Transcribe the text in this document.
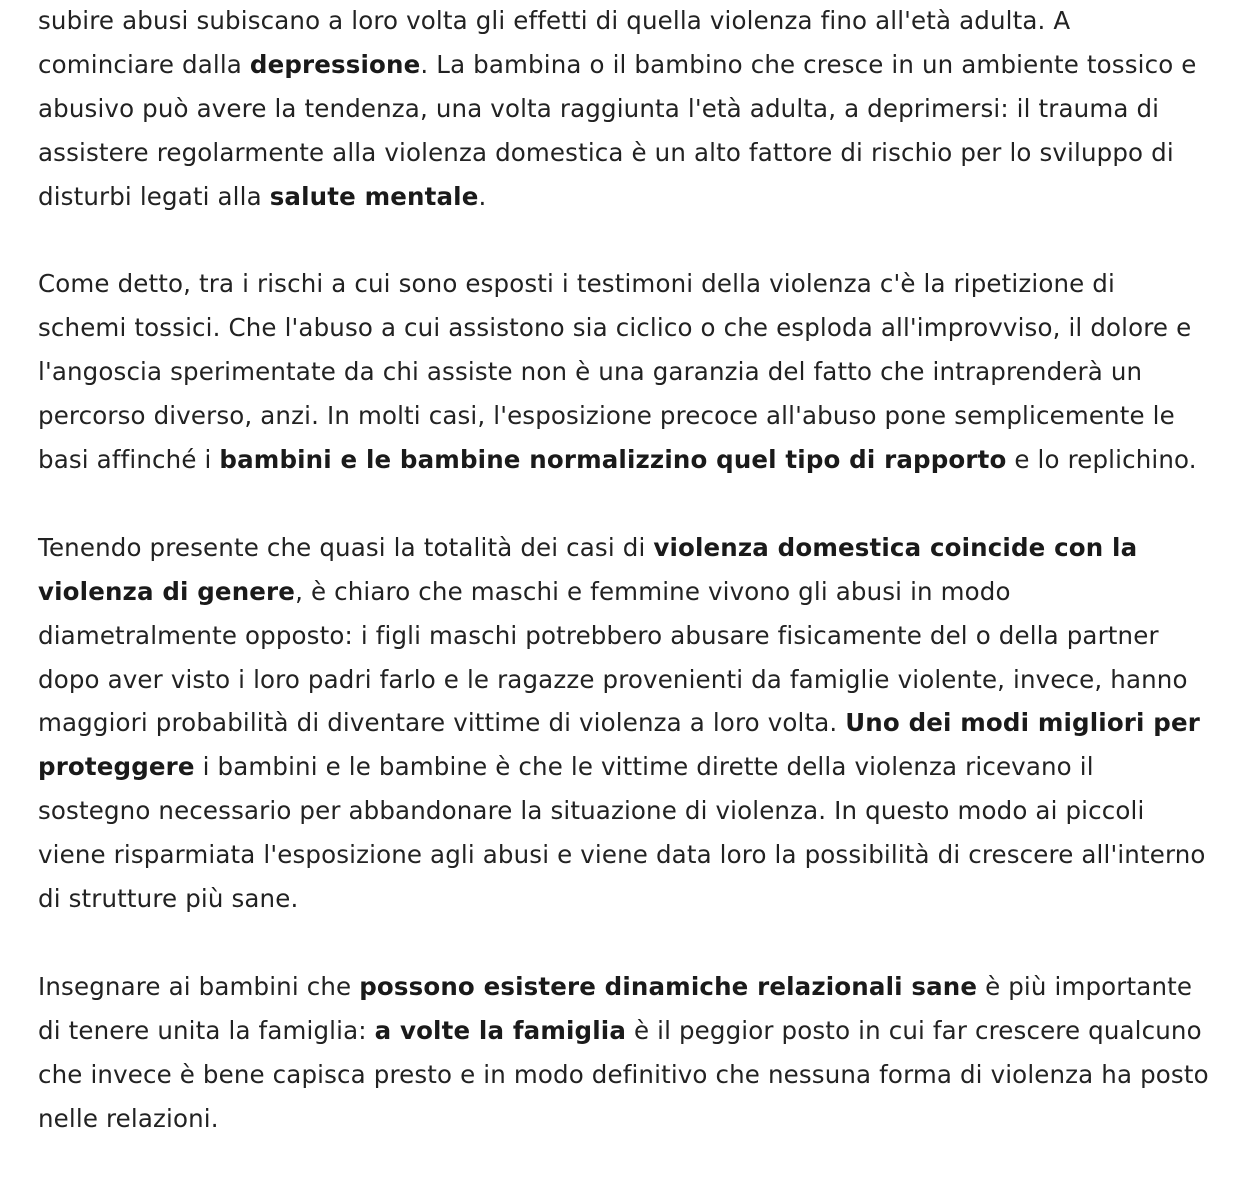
subire abusi subiscano a loro volta gli effetti di quella violenza fino all'età adulta. A cominciare dalla depressione. La bambina o il bambino che cresce in un ambiente tossico e abusivo può avere la tendenza, una volta raggiunta l'età adulta, a deprimersi: il trauma di assistere regolarmente alla violenza domestica è un alto fattore di rischio per lo sviluppo di disturbi legati alla salute mentale.

Come detto, tra i rischi a cui sono esposti i testimoni della violenza c'è la ripetizione di schemi tossici. Che l'abuso a cui assistono sia ciclico o che esploda all'improvviso, il dolore e l'angoscia sperimentate da chi assiste non è una garanzia del fatto che intraprenderà un percorso diverso, anzi. In molti casi, l'esposizione precoce all'abuso pone semplicemente le basi affinché i bambini e le bambine normalizzino quel tipo di rapporto e lo replichino.

Tenendo presente che quasi la totalità dei casi di violenza domestica coincide con la violenza di genere, è chiaro che maschi e femmine vivono gli abusi in modo diametralmente opposto: i figli maschi potrebbero abusare fisicamente del o della partner dopo aver visto i loro padri farlo e le ragazze provenienti da famiglie violente, invece, hanno maggiori probabilità di diventare vittime di violenza a loro volta. Uno dei modi migliori per proteggere i bambini e le bambine è che le vittime dirette della violenza ricevano il sostegno necessario per abbandonare la situazione di violenza. In questo modo ai piccoli viene risparmiata l'esposizione agli abusi e viene data loro la possibilità di crescere all'interno di strutture più sane.

Insegnare ai bambini che possono esistere dinamiche relazionali sane è più importante di tenere unita la famiglia: a volte la famiglia è il peggior posto in cui far crescere qualcuno che invece è bene capisca presto e in modo definitivo che nessuna forma di violenza ha posto nelle relazioni.
